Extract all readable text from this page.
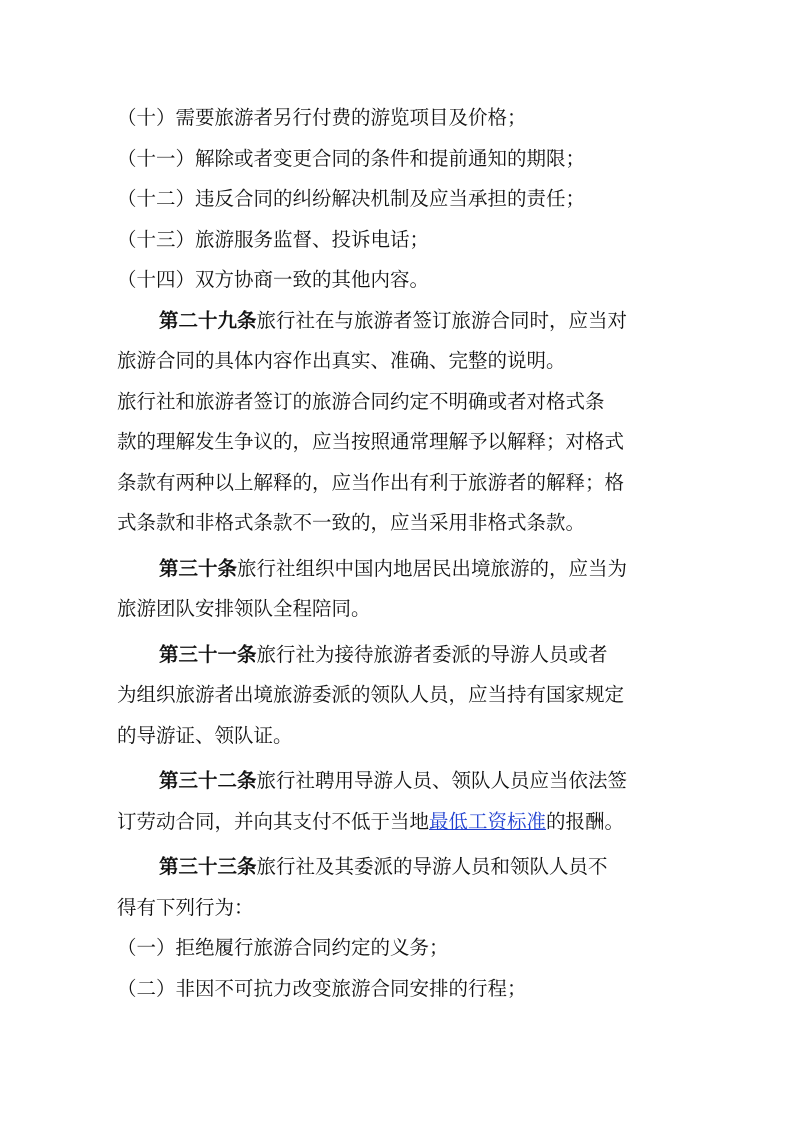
（十）需要旅游者另行付费的游览项目及价格；
（十一）解除或者变更合同的条件和提前通知的期限；
（十二）违反合同的纠纷解决机制及应当承担的责任；
（十三）旅游服务监督、投诉电话；
（十四）双方协商一致的其他内容。
第二十九条旅行社在与旅游者签订旅游合同时，应当对
旅游合同的具体内容作出真实、准确、完整的说明。
旅行社和旅游者签订的旅游合同约定不明确或者对格式条
款的理解发生争议的，应当按照通常理解予以解释；对格式
条款有两种以上解释的，应当作出有利于旅游者的解释；格
式条款和非格式条款不一致的，应当采用非格式条款。
第三十条旅行社组织中国内地居民出境旅游的，应当为
旅游团队安排领队全程陪同。
第三十一条旅行社为接待旅游者委派的导游人员或者
为组织旅游者出境旅游委派的领队人员，应当持有国家规定
的导游证、领队证。
第三十二条旅行社聘用导游人员、领队人员应当依法签
订劳动合同，并向其支付不低于当地最低工资标准的报酬。
第三十三条旅行社及其委派的导游人员和领队人员不
得有下列行为：
（一）拒绝履行旅游合同约定的义务；
（二）非因不可抗力改变旅游合同安排的行程；
